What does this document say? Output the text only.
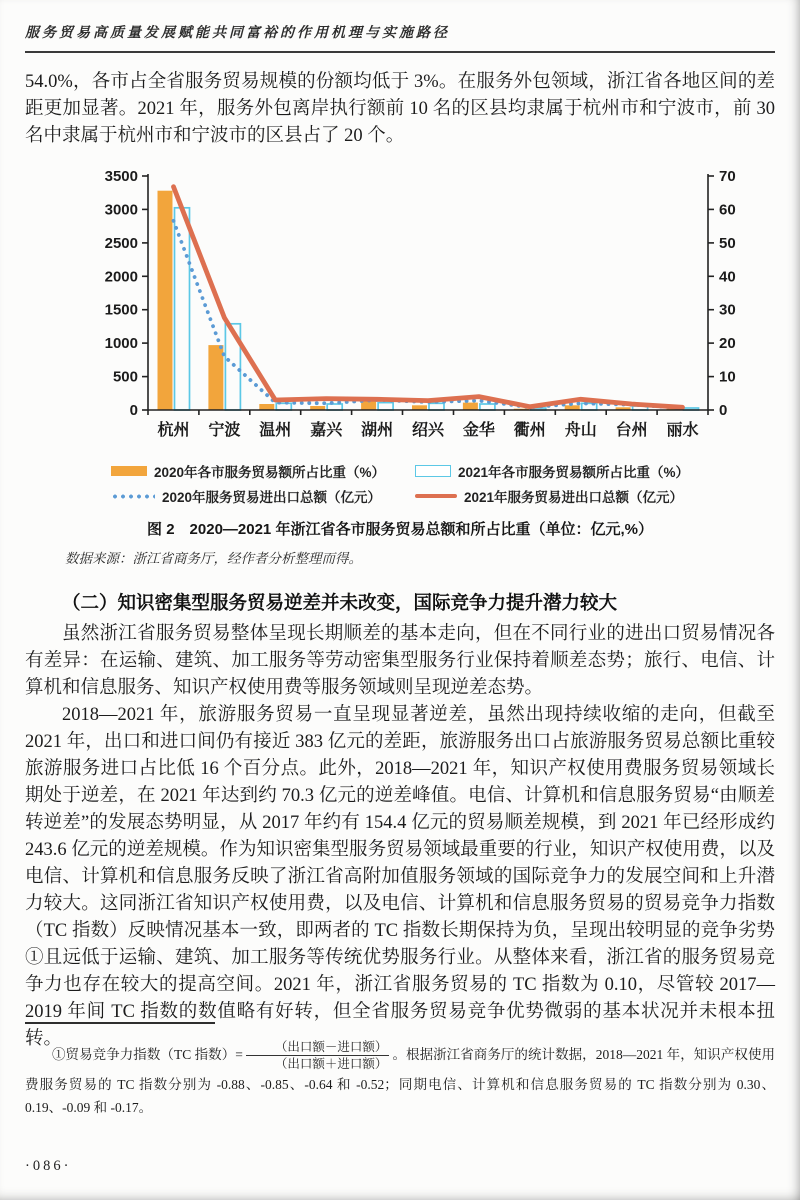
服务贸易高质量发展赋能共同富裕的作用机理与实施路径

54.0%，各市占全省服务贸易规模的份额均低于 3%。在服务外包领域，浙江省各地区间的差距更加显著。2021 年，服务外包离岸执行额前 10 名的区县均隶属于杭州市和宁波市，前 30 名中隶属于杭州市和宁波市的区县占了 20 个。

0
500
1000
1500
2000
2500
3000
3500
0
10
20
30
40
50
60
70
杭州 宁波 温州 嘉兴 湖州 绍兴 金华 衢州 舟山 台州 丽水
2020年各市服务贸易额所占比重（%）	2021年各市服务贸易额所占比重（%）
2020年服务贸易进出口总额（亿元）	2021年服务贸易进出口总额（亿元）
图 2　2020—2021 年浙江省各市服务贸易总额和所占比重（单位：亿元,%）
数据来源：浙江省商务厅，经作者分析整理而得。
（二）知识密集型服务贸易逆差并未改变，国际竞争力提升潜力较大

虽然浙江省服务贸易整体呈现长期顺差的基本走向，但在不同行业的进出口贸易情况各有差异：在运输、建筑、加工服务等劳动密集型服务行业保持着顺差态势；旅行、电信、计算机和信息服务、知识产权使用费等服务领域则呈现逆差态势。

2018—2021 年，旅游服务贸易一直呈现显著逆差，虽然出现持续收缩的走向，但截至 2021 年，出口和进口间仍有接近 383 亿元的差距，旅游服务出口占旅游服务贸易总额比重较旅游服务进口占比低 16 个百分点。此外，2018—2021 年，知识产权使用费服务贸易领域长期处于逆差，在 2021 年达到约 70.3 亿元的逆差峰值。电信、计算机和信息服务贸易“由顺差转逆差”的发展态势明显，从 2017 年约有 154.4 亿元的贸易顺差规模，到 2021 年已经形成约 243.6 亿元的逆差规模。作为知识密集型服务贸易领域最重要的行业，知识产权使用费，以及电信、计算机和信息服务反映了浙江省高附加值服务领域的国际竞争力的发展空间和上升潜力较大。这同浙江省知识产权使用费，以及电信、计算机和信息服务贸易的贸易竞争力指数（TC 指数）反映情况基本一致，即两者的 TC 指数长期保持为负，呈现出较明显的竞争劣势①且远低于运输、建筑、加工服务等传统优势服务行业。从整体来看，浙江省的服务贸易竞争力也存在较大的提高空间。2021 年，浙江省服务贸易的 TC 指数为 0.10，尽管较 2017—2019 年间 TC 指数的数值略有好转，但全省服务贸易竞争优势微弱的基本状况并未根本扭转。

①贸易竞争力指数（TC 指数）= $\frac{\text{（出口额－进口额）}}{\text{（出口额＋进口额）}}$ 。根据浙江省商务厅的统计数据，2018—2021 年，知识产权使用费服务贸易的 TC 指数分别为 -0.88、-0.85、-0.64 和 -0.52；同期电信、计算机和信息服务贸易的 TC 指数分别为 0.30、0.19、-0.09 和 -0.17。
·086·
